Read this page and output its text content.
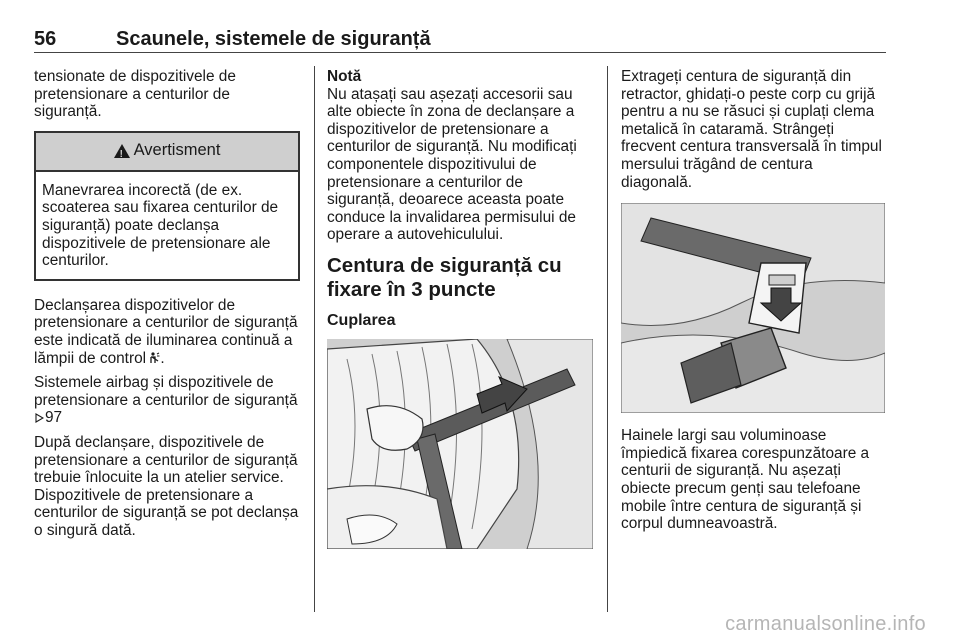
56	Scaunele, sistemele de siguranță

tensionate de dispozitivele de pretensionare a centurilor de siguranță.

!
Avertisment
Manevrarea incorectă (de ex. scoaterea sau fixarea centurilor de siguranță) poate declanșa dispozitivele de pretensionare ale centurilor.

Declanșarea dispozitivelor de pretensionare a centurilor de siguranță este indicată de iluminarea continuă a lămpii de control .

Sistemele airbag și dispozitivele de pretensionare a centurilor de siguranță97

După declanșare, dispozitivele de pretensionare a centurilor de siguranță trebuie înlocuite la un atelier service. Dispozitivele de pretensionare a centurilor de siguranță se pot declanșa o singură dată.

Notă

Nu atașați sau așezați accesorii sau alte obiecte în zona de declanșare a dispozitivelor de pretensionare a centurilor de siguranță. Nu modificați componentele dispozitivului de pretensionare a centurilor de siguranță, deoarece aceasta poate conduce la invalidarea permisului de operare a autovehiculului.

Centura de siguranță cu fixare în 3 puncte
Cuplarea

Extrageți centura de siguranță din retractor, ghidați-o peste corp cu grijă pentru a nu se răsuci și cuplați clema metalică în cataramă. Strângeți frecvent centura transversală în timpul mersului trăgând de centura diagonală.

Hainele largi sau voluminoase împiedică fixarea corespunzătoare a centurii de siguranță. Nu așezați obiecte precum genți sau telefoane mobile între centura de siguranță și corpul dumneavoastră.

carmanualsonline.info
